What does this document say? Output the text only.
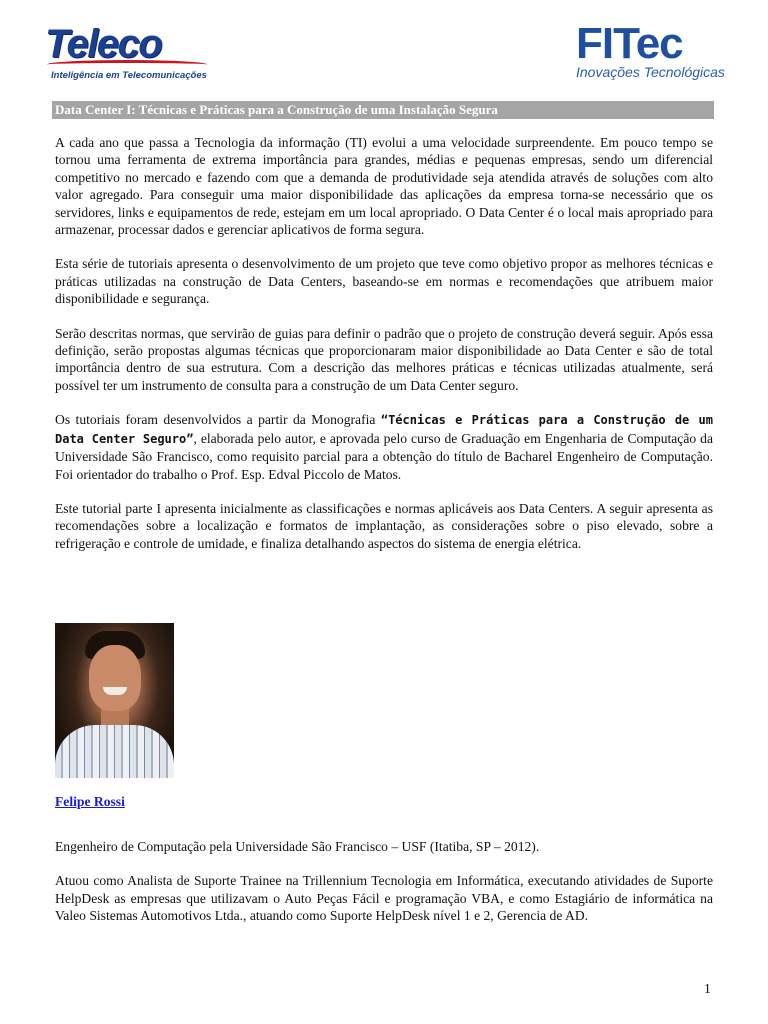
Teleco
Inteligência em Telecomunicações
FITec
Inovações Tecnológicas
Data Center I: Técnicas e Práticas para a Construção de uma Instalação Segura

A cada ano que passa a Tecnologia da informação (TI) evolui a uma velocidade surpreendente. Em pouco tempo se tornou uma ferramenta de extrema importância para grandes, médias e pequenas empresas, sendo um diferencial competitivo no mercado e fazendo com que a demanda de produtividade seja atendida através de soluções com alto valor agregado. Para conseguir uma maior disponibilidade das aplicações da empresa torna-se necessário que os servidores, links e equipamentos de rede, estejam em um local apropriado. O Data Center é o local mais apropriado para armazenar, processar dados e gerenciar aplicativos de forma segura.

Esta série de tutoriais apresenta o desenvolvimento de um projeto que teve como objetivo propor as melhores técnicas e práticas utilizadas na construção de Data Centers, baseando-se em normas e recomendações que atribuem maior disponibilidade e segurança.

Serão descritas normas, que servirão de guias para definir o padrão que o projeto de construção deverá seguir. Após essa definição, serão propostas algumas técnicas que proporcionaram maior disponibilidade ao Data Center e são de total importância dentro de sua estrutura. Com a descrição das melhores práticas e técnicas utilizadas atualmente, será possível ter um instrumento de consulta para a construção de um Data Center seguro.

Os tutoriais foram desenvolvidos a partir da Monografia “Técnicas e Práticas para a Construção de um Data Center Seguro”, elaborada pelo autor, e aprovada pelo curso de Graduação em Engenharia de Computação da Universidade São Francisco, como requisito parcial para a obtenção do título de Bacharel Engenheiro de Computação. Foi orientador do trabalho o Prof. Esp. Edval Piccolo de Matos.

Este tutorial parte I apresenta inicialmente as classificações e normas aplicáveis aos Data Centers. A seguir apresenta as recomendações sobre a localização e formatos de implantação, as considerações sobre o piso elevado, sobre a refrigeração e controle de umidade, e finaliza detalhando aspectos do sistema de energia elétrica.

Felipe Rossi

Engenheiro de Computação pela Universidade São Francisco – USF (Itatiba, SP – 2012).

Atuou como Analista de Suporte Trainee na Trillennium Tecnologia em Informática, executando atividades de Suporte HelpDesk as empresas que utilizavam o Auto Peças Fácil e programação VBA, e como Estagiário de informática na Valeo Sistemas Automotivos Ltda., atuando como Suporte HelpDesk nível 1 e 2, Gerencia de AD.

1
